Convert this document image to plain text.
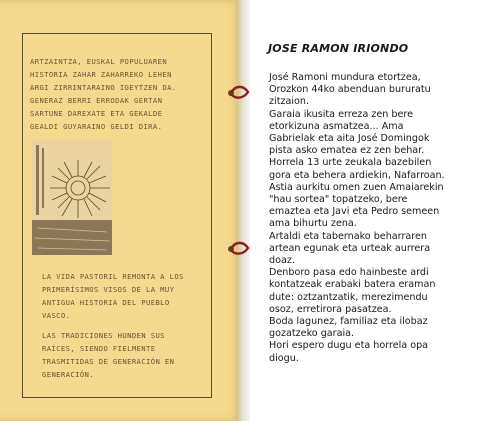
ARTZAINTZA, EUSKAL POPULUAREN
HISTORIA ZAHAR ZAHARREKO LEHEN
ARGI ZIRRINTARAINO IGEYTZEN DA.
GENERAZ BERRI ERRODAK GERTAN
SARTUNE DAREXATE ETA GEKALDE
GEALDI GUYARAINO GELDI DIRA.
LA VIDA PASTORIL REMONTA A LOS
PRIMERÍSIMOS VISOS DE LA MUY
ANTIGUA HISTORIA DEL PUEBLO
VASCO.
LAS TRADICIONES HUNDEN SUS
RAÍCES, SIENDO FIELMENTE
TRASMITIDAS DE GENERACIÓN EN
GENERACIÓN.
JOSE RAMON IRIONDO
José Ramoni mundura etortzea,
Orozkon 44ko abenduan bururatu
zitzaion.
Garaia ikusita erreza zen bere
etorkizuna asmatzea... Ama
Gabrielak eta aita José Domingok
pista asko ematea ez zen behar.
Horrela 13 urte zeukala bazebilen
gora eta behera ardiekin, Nafarroan.
Astia aurkitu omen zuen Amaiarekin
"hau sortea" topatzeko, bere
emaztea eta Javi eta Pedro semeen
ama bihurtu zena.
Artaldi eta tabernako beharraren
artean egunak eta urteak aurrera
doaz.
Denboro pasa edo hainbeste ardi
kontatzeak erabaki batera eraman
dute: oztzantzatik, merezimendu
osoz, erretirora pasatzea.
Boda lagunez, familiaz eta ilobaz
gozatzeko garaia.
Hori espero dugu eta horrela opa
diogu.
